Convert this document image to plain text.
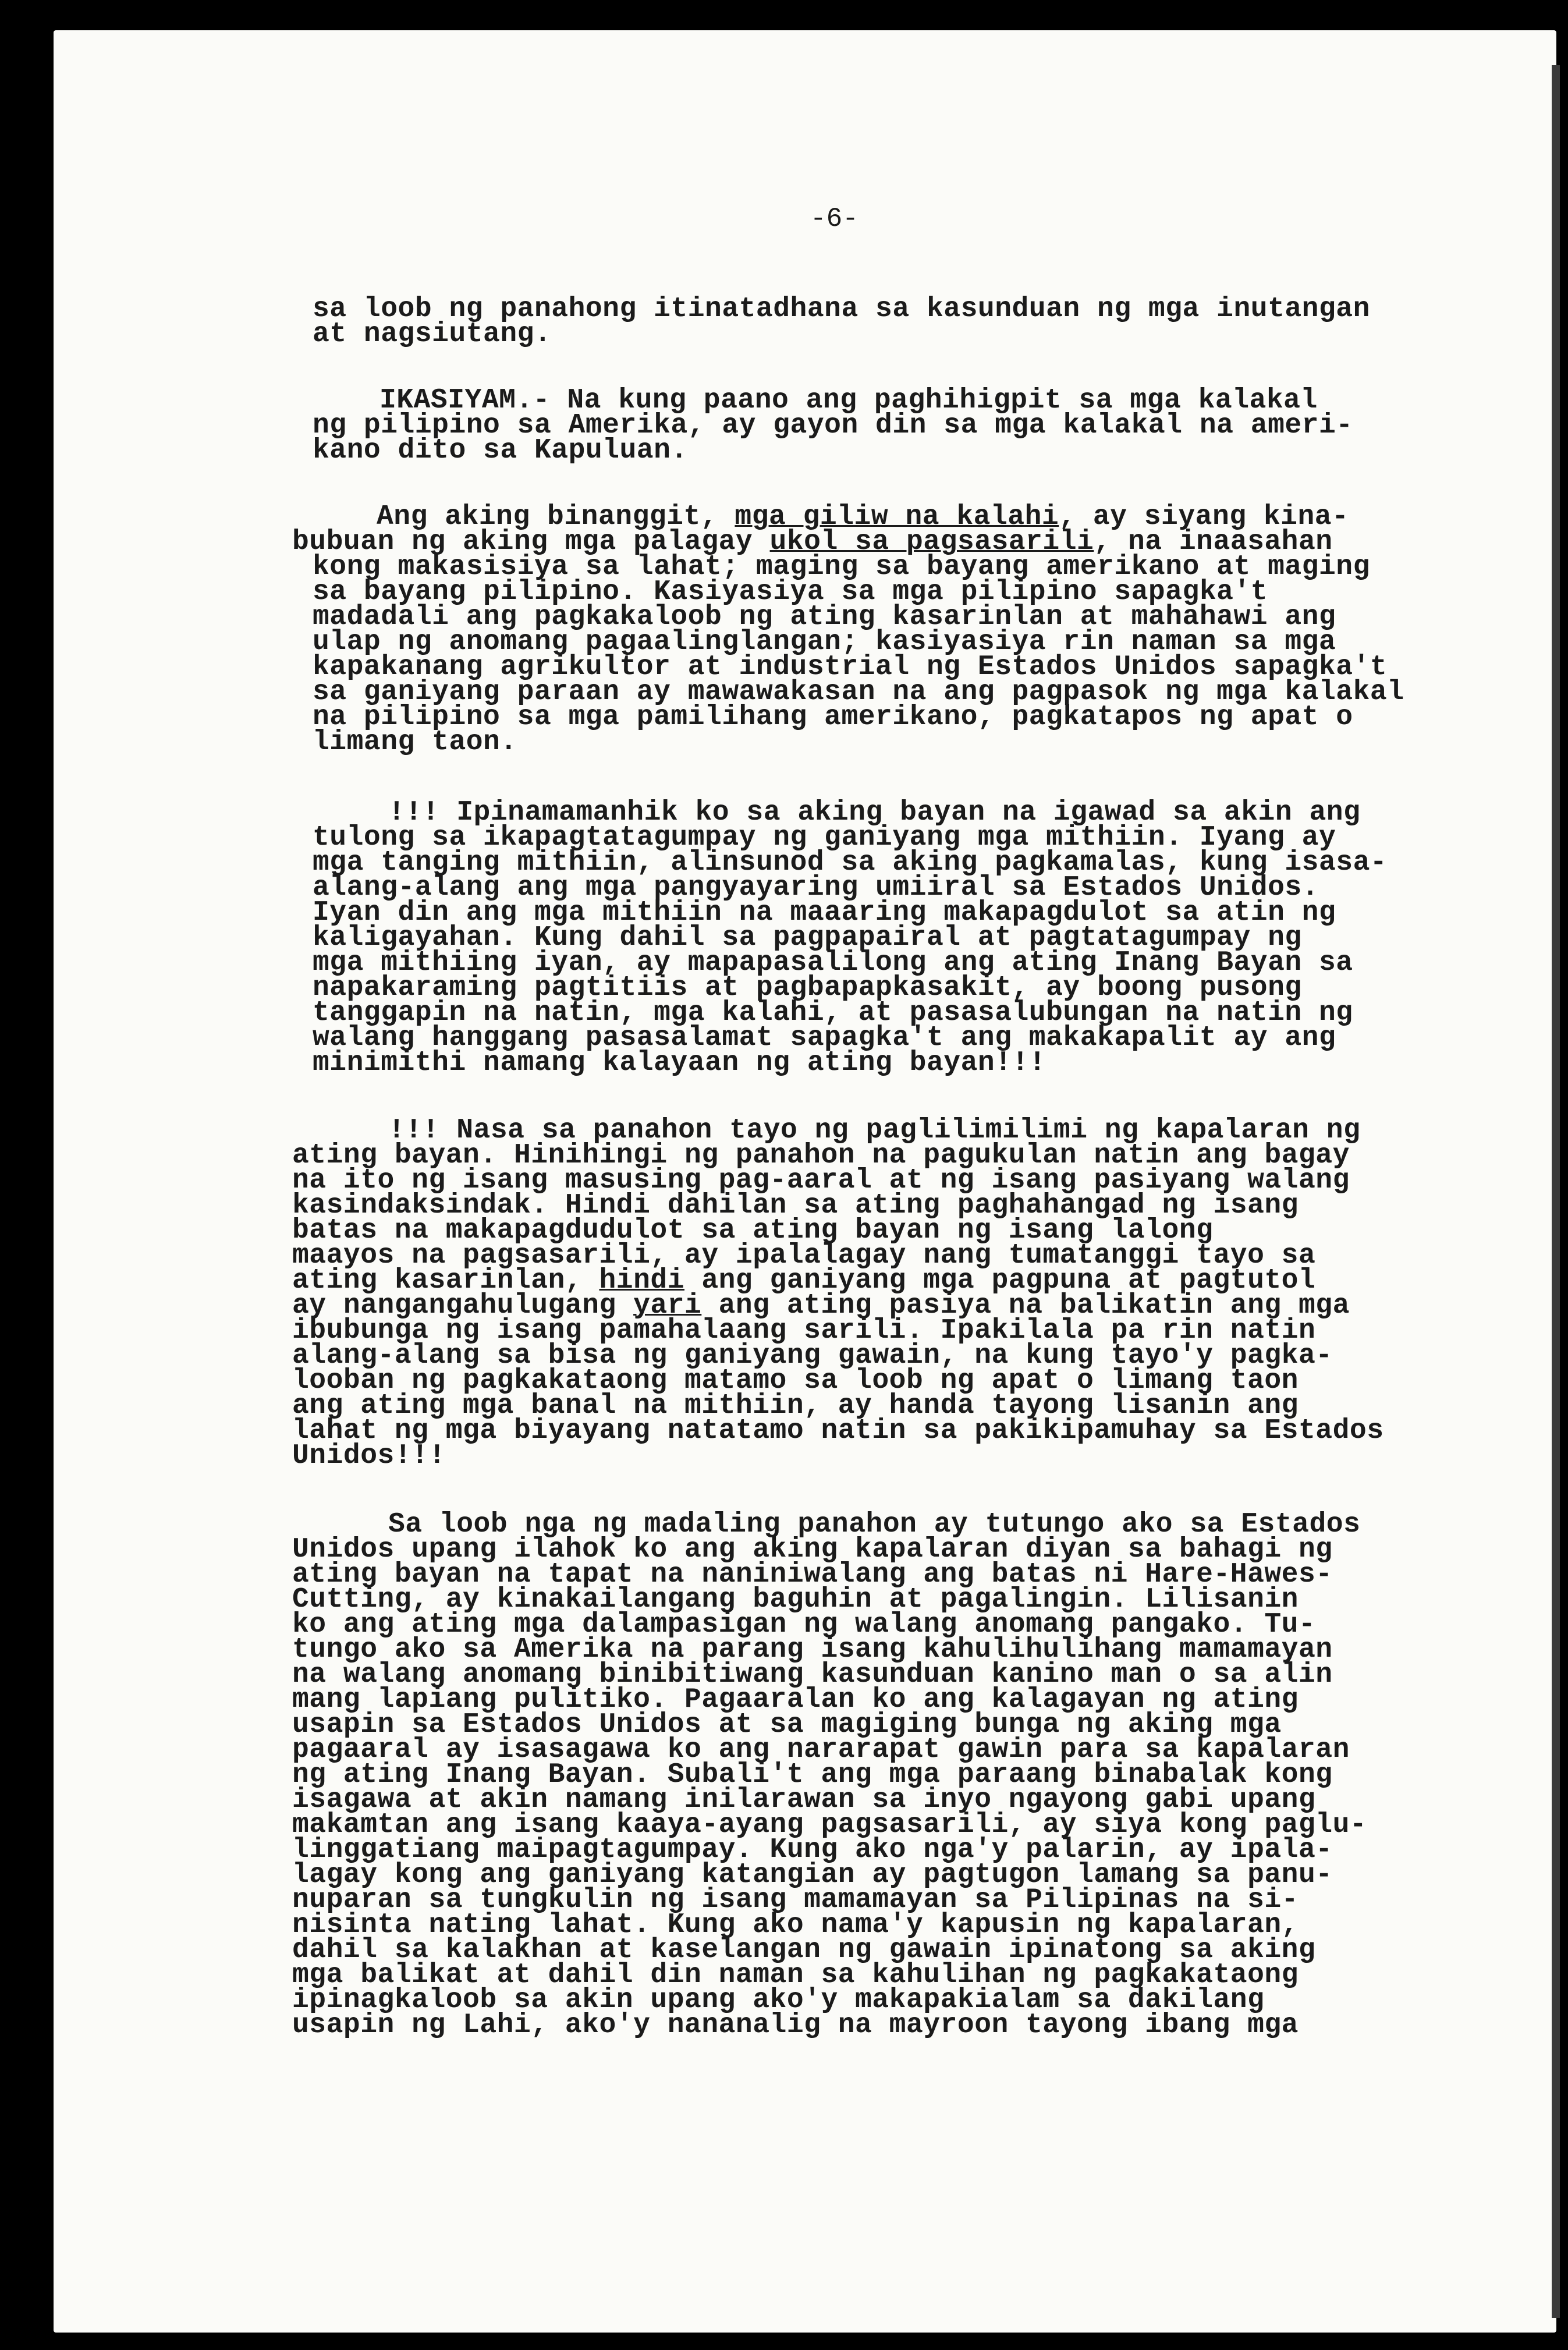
-6-

sa loob ng panahong itinatadhana sa kasunduan ng mga inutangan

at nagsiutang.

IKASIYAM.- Na kung paano ang paghihigpit sa mga kalakal

ng pilipino sa Amerika, ay gayon din sa mga kalakal na ameri-

kano dito sa Kapuluan.

Ang aking binanggit, mga giliw na kalahi, ay siyang kina-

bubuan ng aking mga palagay ukol sa pagsasarili, na inaasahan

kong makasisiya sa lahat; maging sa bayang amerikano at maging

sa bayang pilipino. Kasiyasiya sa mga pilipino sapagka't

madadali ang pagkakaloob ng ating kasarinlan at mahahawi ang

ulap ng anomang pagaalinglangan; kasiyasiya rin naman sa mga

kapakanang agrikultor at industrial ng Estados Unidos sapagka't

sa ganiyang paraan ay mawawakasan na ang pagpasok ng mga kalakal

na pilipino sa mga pamilihang amerikano, pagkatapos ng apat o

limang taon.

!!! Ipinamamanhik ko sa aking bayan na igawad sa akin ang

tulong sa ikapagtatagumpay ng ganiyang mga mithiin. Iyang ay

mga tanging mithiin, alinsunod sa aking pagkamalas, kung isasa-

alang-alang ang mga pangyayaring umiiral sa Estados Unidos.

Iyan din ang mga mithiin na maaaring makapagdulot sa atin ng

kaligayahan. Kung dahil sa pagpapairal at pagtatagumpay ng

mga mithiing iyan, ay mapapasalilong ang ating Inang Bayan sa

napakaraming pagtitiis at pagbapapkasakit, ay boong pusong

tanggapin na natin, mga kalahi, at pasasalubungan na natin ng

walang hanggang pasasalamat sapagka't ang makakapalit ay ang

minimithi namang kalayaan ng ating bayan!!!

!!! Nasa sa panahon tayo ng paglilimilimi ng kapalaran ng

ating bayan. Hinihingi ng panahon na pagukulan natin ang bagay

na ito ng isang masusing pag-aaral at ng isang pasiyang walang

kasindaksindak. Hindi dahilan sa ating paghahangad ng isang

batas na makapagdudulot sa ating bayan ng isang lalong

maayos na pagsasarili, ay ipalalagay nang tumatanggi tayo sa

ating kasarinlan, hindi ang ganiyang mga pagpuna at pagtutol

ay nangangahulugang yari ang ating pasiya na balikatin ang mga

ibubunga ng isang pamahalaang sarili. Ipakilala pa rin natin

alang-alang sa bisa ng ganiyang gawain, na kung tayo'y pagka-

looban ng pagkakataong matamo sa loob ng apat o limang taon

ang ating mga banal na mithiin, ay handa tayong lisanin ang

lahat ng mga biyayang natatamo natin sa pakikipamuhay sa Estados

Unidos!!!

Sa loob nga ng madaling panahon ay tutungo ako sa Estados

Unidos upang ilahok ko ang aking kapalaran diyan sa bahagi ng

ating bayan na tapat na naniniwalang ang batas ni Hare-Hawes-

Cutting, ay kinakailangang baguhin at pagalingin. Lilisanin

ko ang ating mga dalampasigan ng walang anomang pangako. Tu-

tungo ako sa Amerika na parang isang kahulihulihang mamamayan

na walang anomang binibitiwang kasunduan kanino man o sa alin

mang lapiang pulitiko. Pagaaralan ko ang kalagayan ng ating

usapin sa Estados Unidos at sa magiging bunga ng aking mga

pagaaral ay isasagawa ko ang nararapat gawin para sa kapalaran

ng ating Inang Bayan. Subali't ang mga paraang binabalak kong

isagawa at akin namang inilarawan sa inyo ngayong gabi upang

makamtan ang isang kaaya-ayang pagsasarili, ay siya kong paglu-

linggatiang maipagtagumpay. Kung ako nga'y palarin, ay ipala-

lagay kong ang ganiyang katangian ay pagtugon lamang sa panu-

nuparan sa tungkulin ng isang mamamayan sa Pilipinas na si-

nisinta nating lahat. Kung ako nama'y kapusin ng kapalaran,

dahil sa kalakhan at kaselangan ng gawain ipinatong sa aking

mga balikat at dahil din naman sa kahulihan ng pagkakataong

ipinagkaloob sa akin upang ako'y makapakialam sa dakilang

usapin ng Lahi, ako'y nananalig na mayroon tayong ibang mga
